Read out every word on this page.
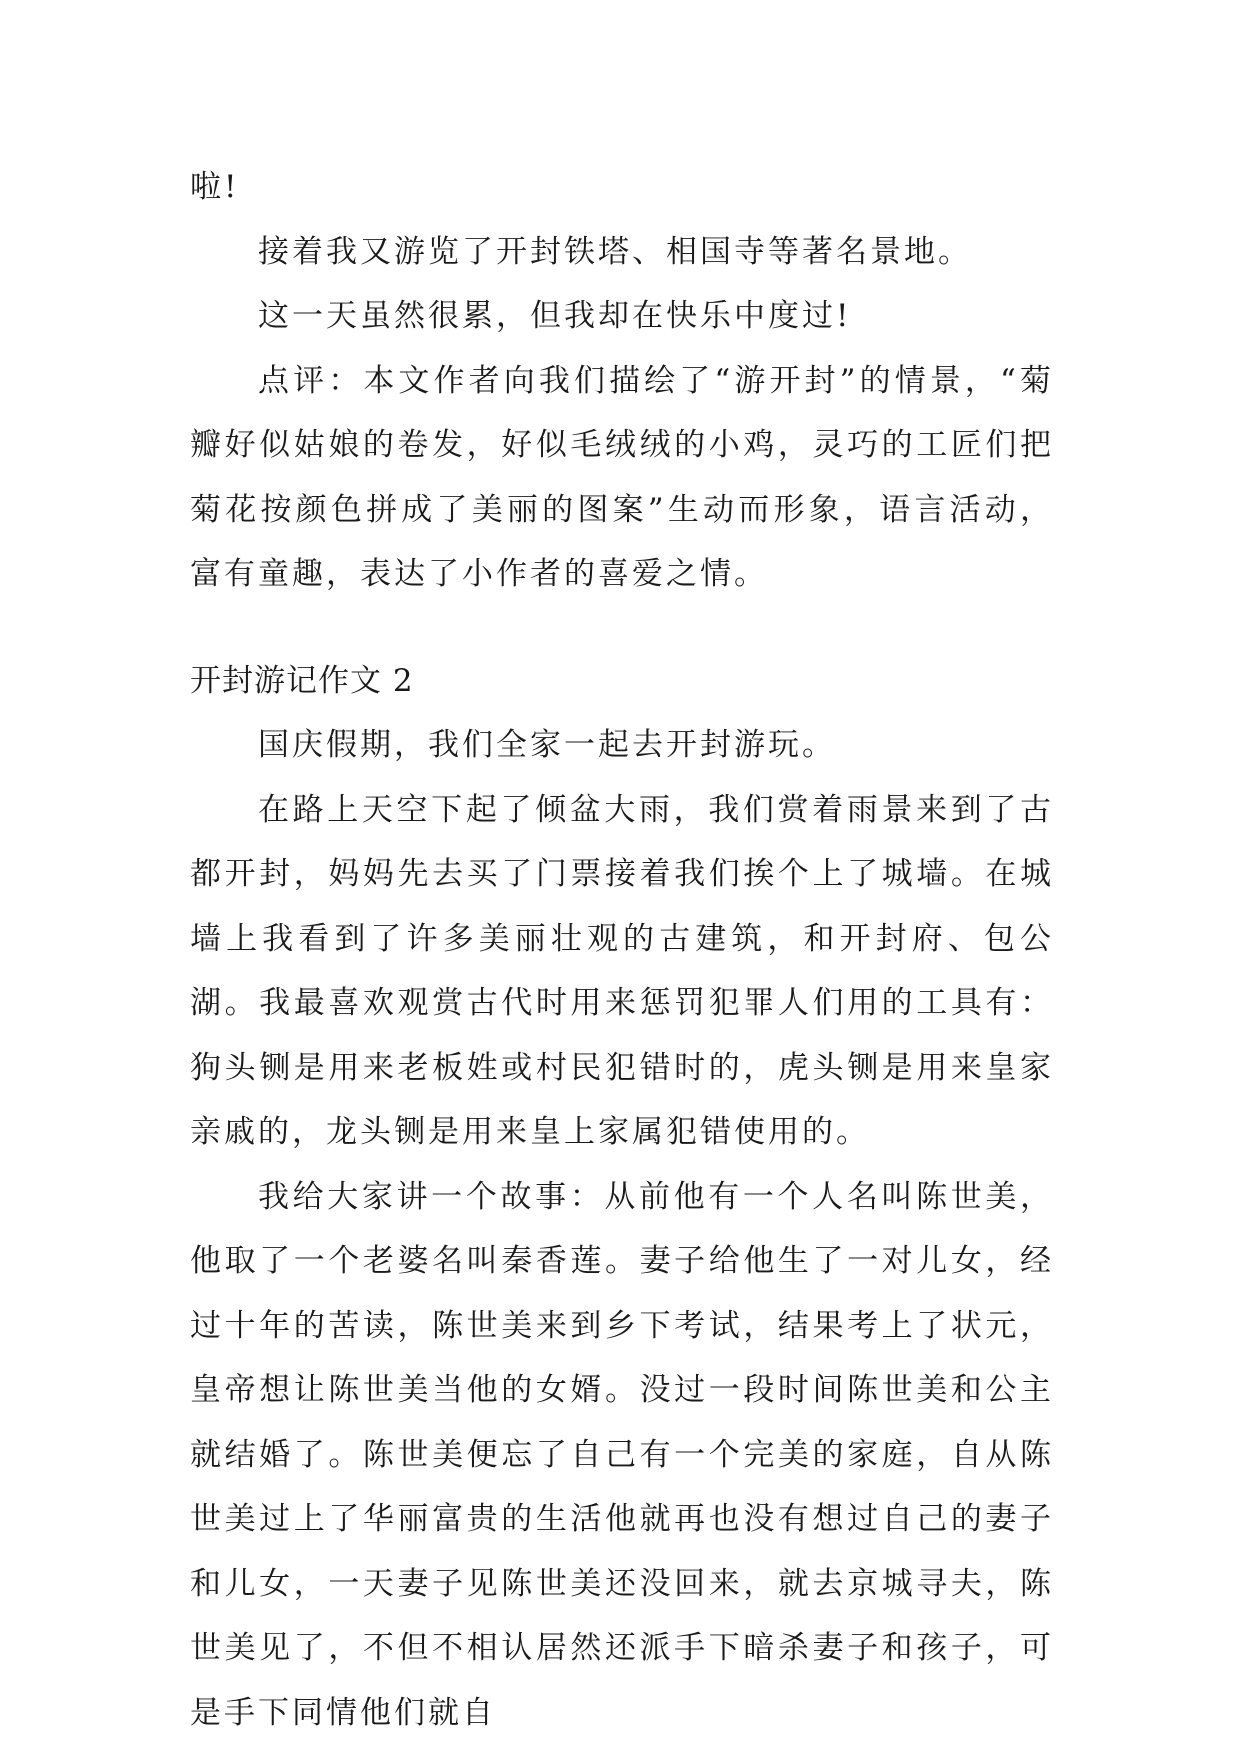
啦!

接着我又游览了开封铁塔、相国寺等著名景地。

这一天虽然很累，但我却在快乐中度过!

点评：本文作者向我们描绘了“游开封”的情景，“菊瓣好似姑娘的卷发，好似毛绒绒的小鸡，灵巧的工匠们把菊花按颜色拼成了美丽的图案”生动而形象，语言活动，富有童趣，表达了小作者的喜爱之情。

开封游记作文 2

国庆假期，我们全家一起去开封游玩。

在路上天空下起了倾盆大雨，我们赏着雨景来到了古都开封，妈妈先去买了门票接着我们挨个上了城墙。在城墙上我看到了许多美丽壮观的古建筑，和开封府、包公湖。我最喜欢观赏古代时用来惩罚犯罪人们用的工具有：狗头铡是用来老板姓或村民犯错时的，虎头铡是用来皇家亲戚的，龙头铡是用来皇上家属犯错使用的。

我给大家讲一个故事：从前他有一个人名叫陈世美，他取了一个老婆名叫秦香莲。妻子给他生了一对儿女，经过十年的苦读，陈世美来到乡下考试，结果考上了状元，皇帝想让陈世美当他的女婿。没过一段时间陈世美和公主就结婚了。陈世美便忘了自己有一个完美的家庭，自从陈世美过上了华丽富贵的生活他就再也没有想过自己的妻子和儿女，一天妻子见陈世美还没回来，就去京城寻夫，陈世美见了，不但不相认居然还派手下暗杀妻子和孩子，可是手下同情他们就自
